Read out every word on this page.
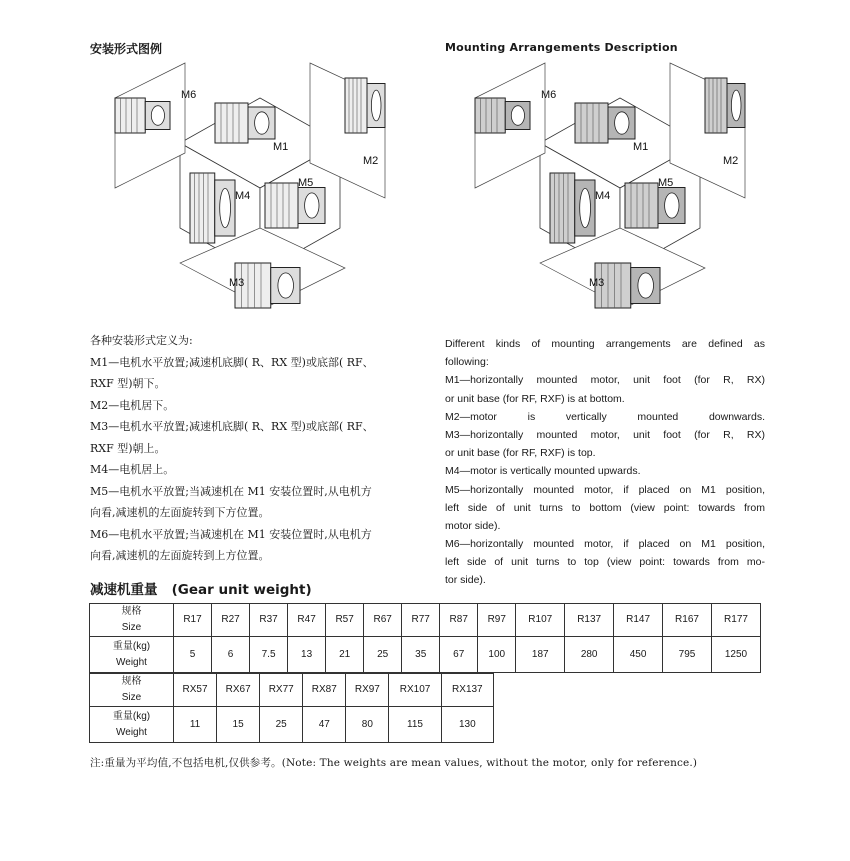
安装形式图例	Mounting Arrangements Description
M1
M2
M3
M4
M5
M6
M1
M2
M3
M4
M5
M6
各种安装形式定义为:
M1—电机水平放置;减速机底脚( R、RX 型)或底部( RF、
RXF 型)朝下。
M2—电机居下。
M3—电机水平放置;减速机底脚( R、RX 型)或底部( RF、
RXF 型)朝上。
M4—电机居上。
M5—电机水平放置;当减速机在 M1 安装位置时,从电机方
向看,减速机的左面旋转到下方位置。
M6—电机水平放置;当减速机在 M1 安装位置时,从电机方
向看,减速机的左面旋转到上方位置。
Different kinds of mounting arrangements are defined as
following:
M1—horizontally mounted motor, unit foot (for R, RX)
or unit base (for RF, RXF) is at bottom.
M2—motor is vertically mounted downwards.
M3—horizontally mounted motor, unit foot (for R, RX)
or unit base (for RF, RXF) is top.
M4—motor is vertically mounted upwards.
M5—horizontally mounted motor, if placed on M1 position,
left side of unit turns to bottom (view point: towards from
motor side).
M6—horizontally mounted motor, if placed on M1 position,
left side of unit turns to top (view point: towards from mo-
tor side).
减速机重量   (Gear unit weight)
规格
Size	R17	R27	R37	R47	R57	R67	R77	R87	R97	R107	R137	R147	R167	R177

重量(kg)
Weight	5	6	7.5	13	21	25	35	67	100	187	280	450	795	1250
规格
Size	RX57	RX67	RX77	RX87	RX97	RX107	RX137

重量(kg)
Weight	11	15	25	47	80	115	130
注:重量为平均值,不包括电机,仅供参考。(Note: The weights are mean values, without the motor, only for reference.)
